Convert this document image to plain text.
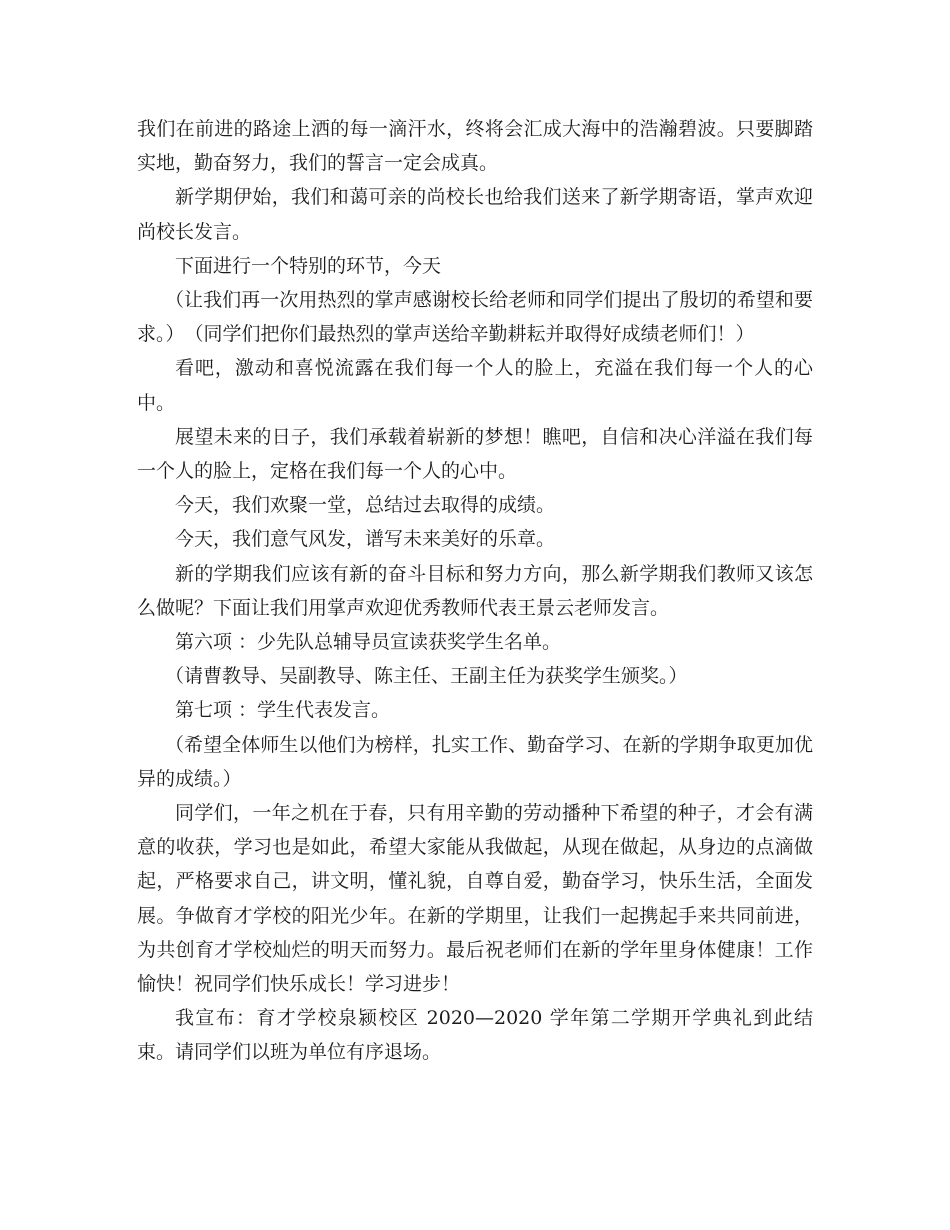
我们在前进的路途上洒的每一滴汗水，终将会汇成大海中的浩瀚碧波。只要脚踏实地，勤奋努力，我们的誓言一定会成真。

新学期伊始，我们和蔼可亲的尚校长也给我们送来了新学期寄语，掌声欢迎尚校长发言。

下面进行一个特别的环节，今天

（让我们再一次用热烈的掌声感谢校长给老师和同学们提出了殷切的希望和要求。）　（同学们把你们最热烈的掌声送给辛勤耕耘并取得好成绩老师们！）

看吧，激动和喜悦流露在我们每一个人的脸上，充溢在我们每一个人的心中。

展望未来的日子，我们承载着崭新的梦想！瞧吧，自信和决心洋溢在我们每一个人的脸上，定格在我们每一个人的心中。

今天，我们欢聚一堂，总结过去取得的成绩。

今天，我们意气风发，谱写未来美好的乐章。

新的学期我们应该有新的奋斗目标和努力方向，那么新学期我们教师又该怎么做呢？下面让我们用掌声欢迎优秀教师代表王景云老师发言。

第六项 ：少先队总辅导员宣读获奖学生名单。

（请曹教导、吴副教导、陈主任、王副主任为获奖学生颁奖。）

第七项 ：学生代表发言。

（希望全体师生以他们为榜样，扎实工作、勤奋学习、在新的学期争取更加优异的成绩。）

同学们，一年之机在于春，只有用辛勤的劳动播种下希望的种子，才会有满意的收获，学习也是如此，希望大家能从我做起，从现在做起，从身边的点滴做起，严格要求自己，讲文明，懂礼貌，自尊自爱，勤奋学习，快乐生活，全面发展。争做育才学校的阳光少年。在新的学期里，让我们一起携起手来共同前进，为共创育才学校灿烂的明天而努力。最后祝老师们在新的学年里身体健康！工作愉快！祝同学们快乐成长！学习进步！

我宣布：育才学校泉颍校区 2020—2020 学年第二学期开学典礼到此结束。请同学们以班为单位有序退场。
